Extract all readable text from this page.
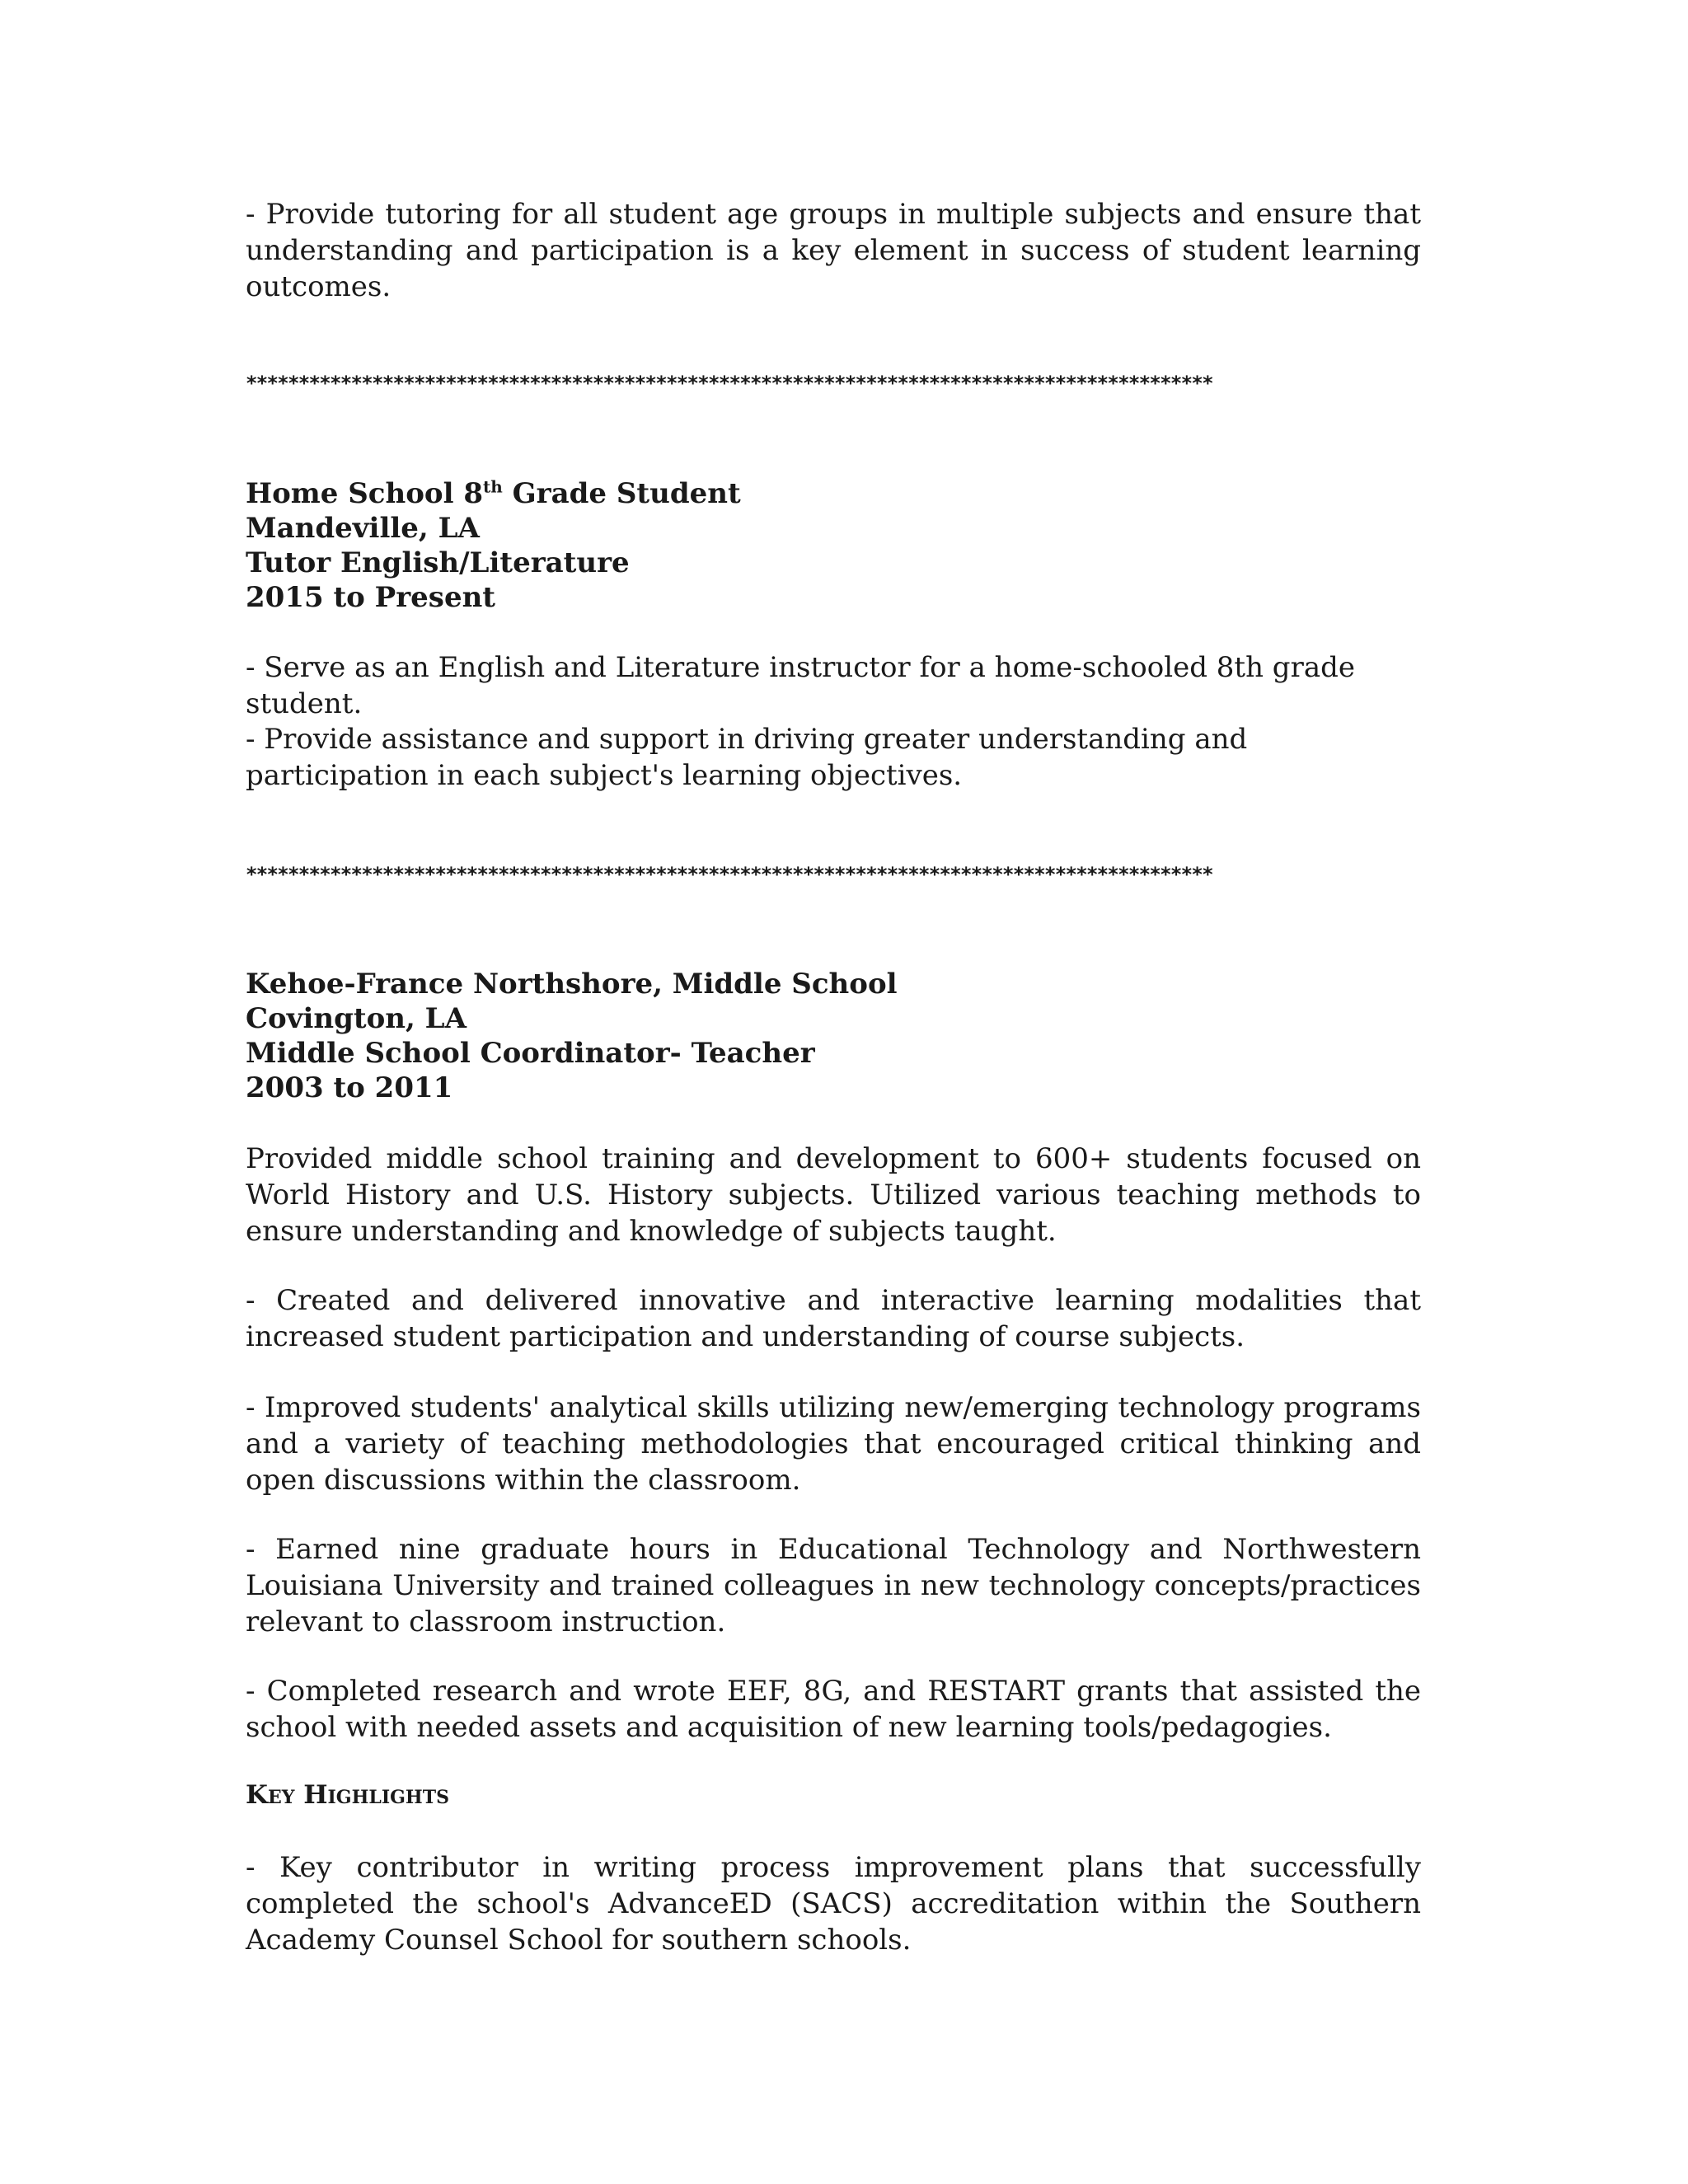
- Provide tutoring for all student age groups in multiple subjects and ensure that understanding and participation is a key element in success of student learning outcomes.

********************************************************************************************

Home School 8th Grade Student
Mandeville, LA
Tutor English/Literature
2015 to Present

- Serve as an English and Literature instructor for a home-schooled 8th grade student.

- Provide assistance and support in driving greater understanding and participation in each subject's learning objectives.

********************************************************************************************

Kehoe-France Northshore, Middle School
Covington, LA
Middle School Coordinator- Teacher
2003 to 2011

Provided middle school training and development to 600+ students focused on World History and U.S. History subjects. Utilized various teaching methods to ensure understanding and knowledge of subjects taught.

- Created and delivered innovative and interactive learning modalities that increased student participation and understanding of course subjects.

- Improved students' analytical skills utilizing new/emerging technology programs and a variety of teaching methodologies that encouraged critical thinking and open discussions within the classroom.

- Earned nine graduate hours in Educational Technology and Northwestern Louisiana University and trained colleagues in new technology concepts/practices relevant to classroom instruction.

- Completed research and wrote EEF, 8G, and RESTART grants that assisted the school with needed assets and acquisition of new learning tools/pedagogies.

Key Highlights

- Key contributor in writing process improvement plans that successfully completed the school's AdvanceED (SACS) accreditation within the Southern Academy Counsel School for southern schools.
